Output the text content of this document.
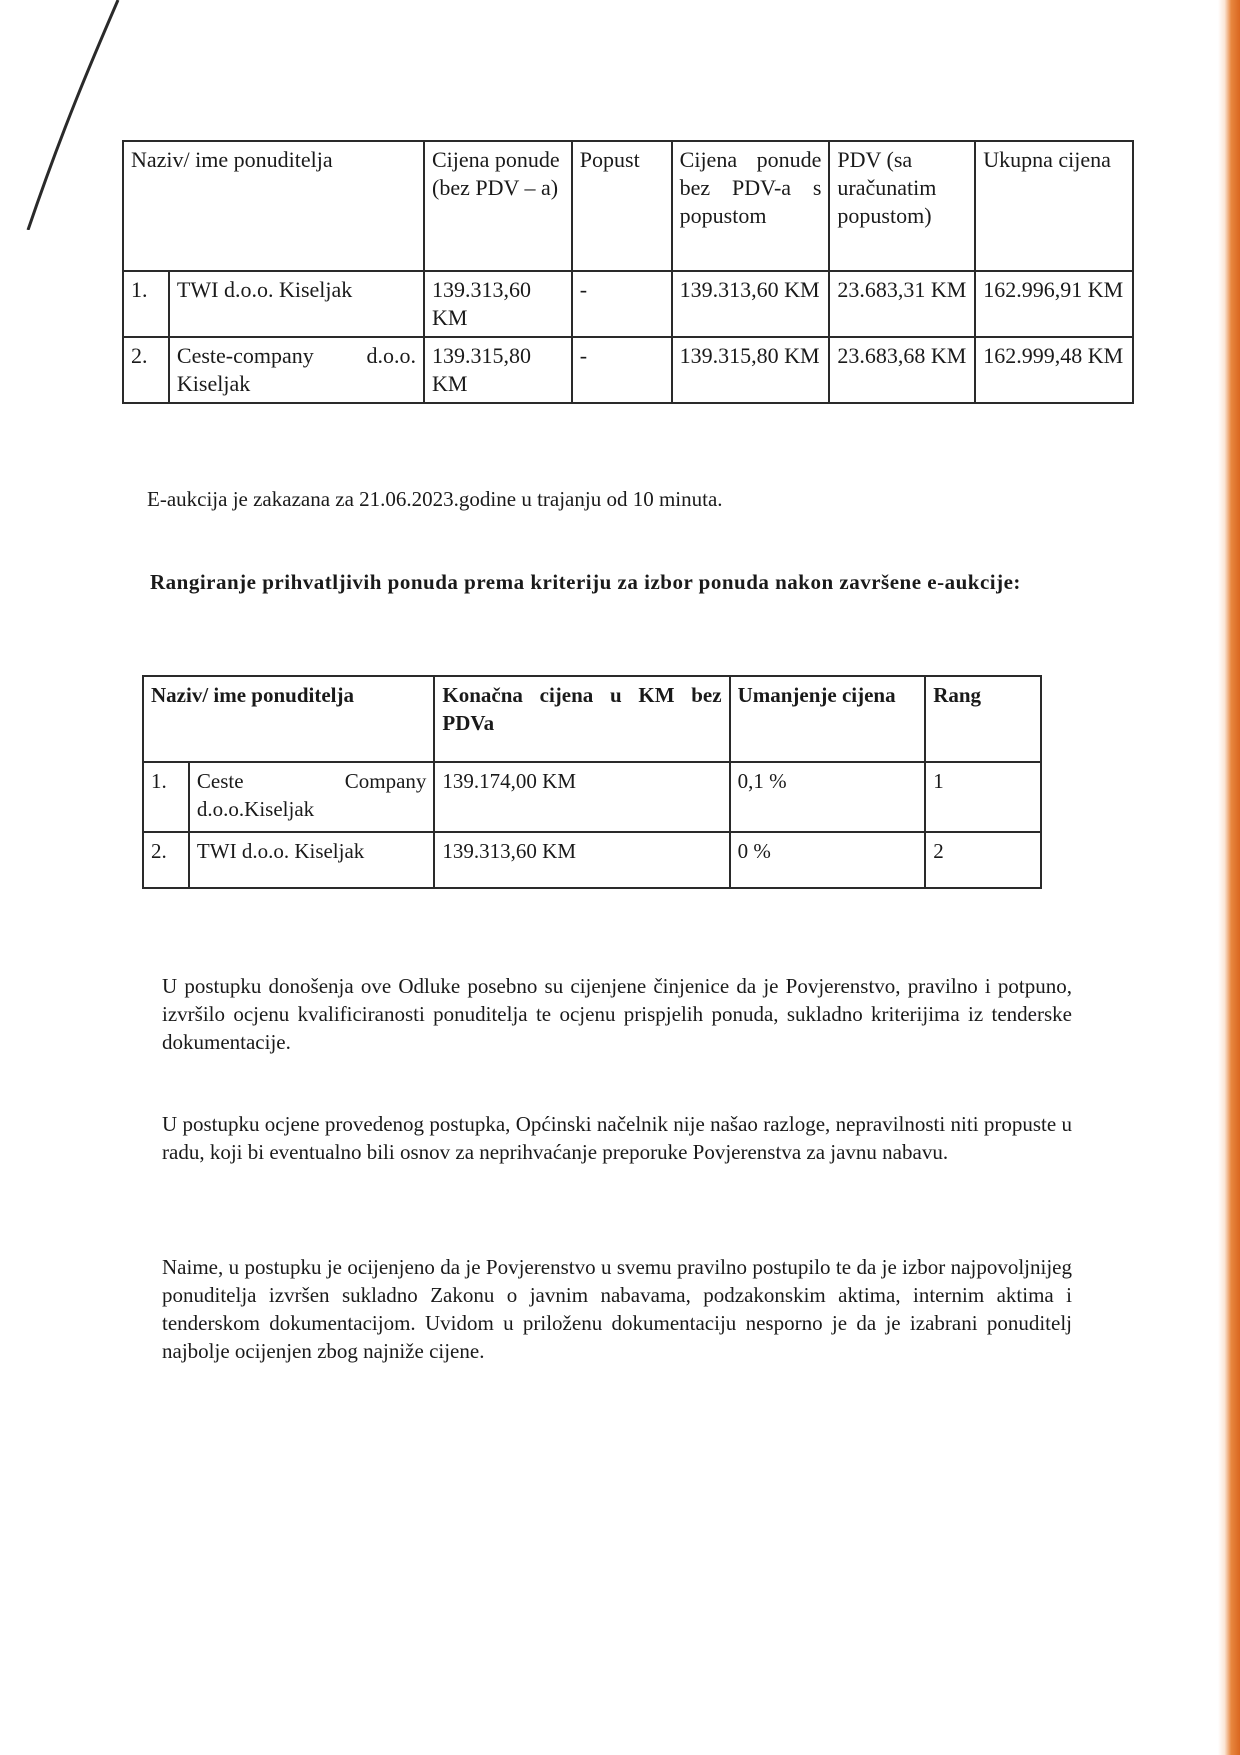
Naziv/ ime ponuditelja		Cijena ponude (bez PDV – a)	Popust	Cijena ponude bez PDV-a s popustom	PDV (sa uračunatim popustom)	Ukupna cijena
1.	TWI d.o.o. Kiseljak	139.313,60 KM	-	139.313,60 KM	23.683,31 KM	162.996,91 KM
2.	Ceste-company d.o.o. Kiseljak	139.315,80 KM	-	139.315,80 KM	23.683,68 KM	162.999,48 KM

E-aukcija je zakazana za 21.06.2023.godine u trajanju od 10 minuta.

Rangiranje prihvatljivih ponuda prema kriteriju za izbor ponuda nakon završene e-aukcije:

Naziv/ ime ponuditelja		Konačna cijena u KM bez PDVa	Umanjenje cijena	Rang
1.	Ceste Company d.o.o.Kiseljak	139.174,00 KM	0,1 %	1
2.	TWI d.o.o. Kiseljak	139.313,60 KM	0 %	2

U postupku donošenja ove Odluke posebno su cijenjene činjenice da je Povjerenstvo, pravilno i potpuno, izvršilo ocjenu kvalificiranosti ponuditelja te ocjenu prispjelih ponuda, sukladno kriterijima iz tenderske dokumentacije.

U postupku ocjene provedenog postupka, Općinski načelnik nije našao razloge, nepravilnosti niti propuste u radu, koji bi eventualno bili osnov za neprihvaćanje preporuke Povjerenstva za javnu nabavu.

Naime, u postupku je ocijenjeno da je Povjerenstvo u svemu pravilno postupilo te da je izbor najpovoljnijeg ponuditelja izvršen sukladno Zakonu o javnim nabavama, podzakonskim aktima, internim aktima i tenderskom dokumentacijom. Uvidom u priloženu dokumentaciju nesporno je da je izabrani ponuditelj najbolje ocijenjen zbog najniže cijene.
